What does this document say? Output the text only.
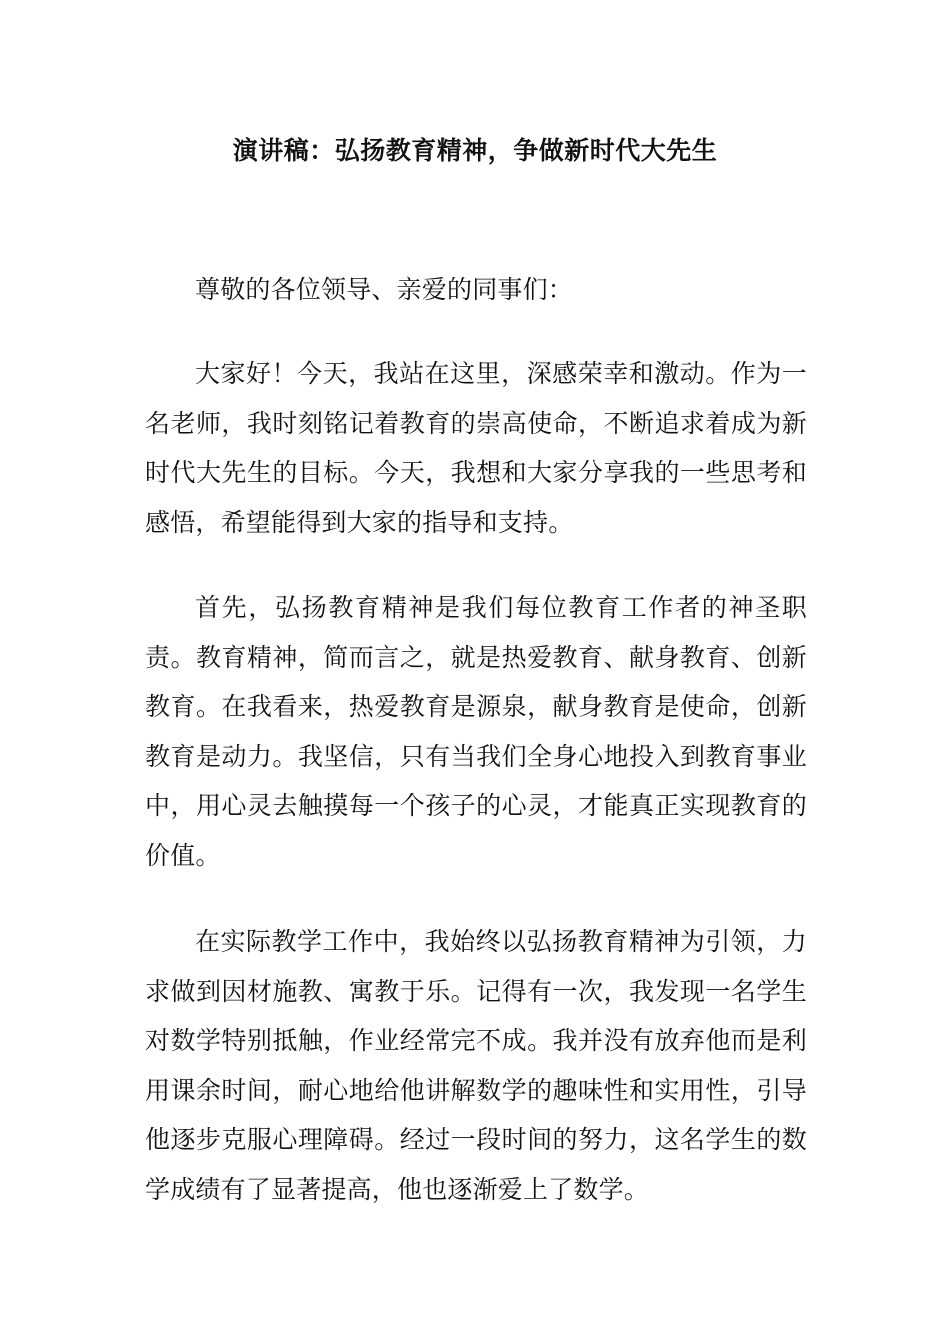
演讲稿：弘扬教育精神，争做新时代大先生

尊敬的各位领导、亲爱的同事们：

大家好！今天，我站在这里，深感荣幸和激动。作为一名老师，我时刻铭记着教育的崇高使命，不断追求着成为新时代大先生的目标。今天，我想和大家分享我的一些思考和感悟，希望能得到大家的指导和支持。

首先，弘扬教育精神是我们每位教育工作者的神圣职责。教育精神，简而言之，就是热爱教育、献身教育、创新教育。在我看来，热爱教育是源泉，献身教育是使命，创新教育是动力。我坚信，只有当我们全身心地投入到教育事业中，用心灵去触摸每一个孩子的心灵，才能真正实现教育的价值。

在实际教学工作中，我始终以弘扬教育精神为引领，力求做到因材施教、寓教于乐。记得有一次，我发现一名学生对数学特别抵触，作业经常完不成。我并没有放弃他而是利用课余时间，耐心地给他讲解数学的趣味性和实用性，引导他逐步克服心理障碍。经过一段时间的努力，这名学生的数学成绩有了显著提高，他也逐渐爱上了数学。
